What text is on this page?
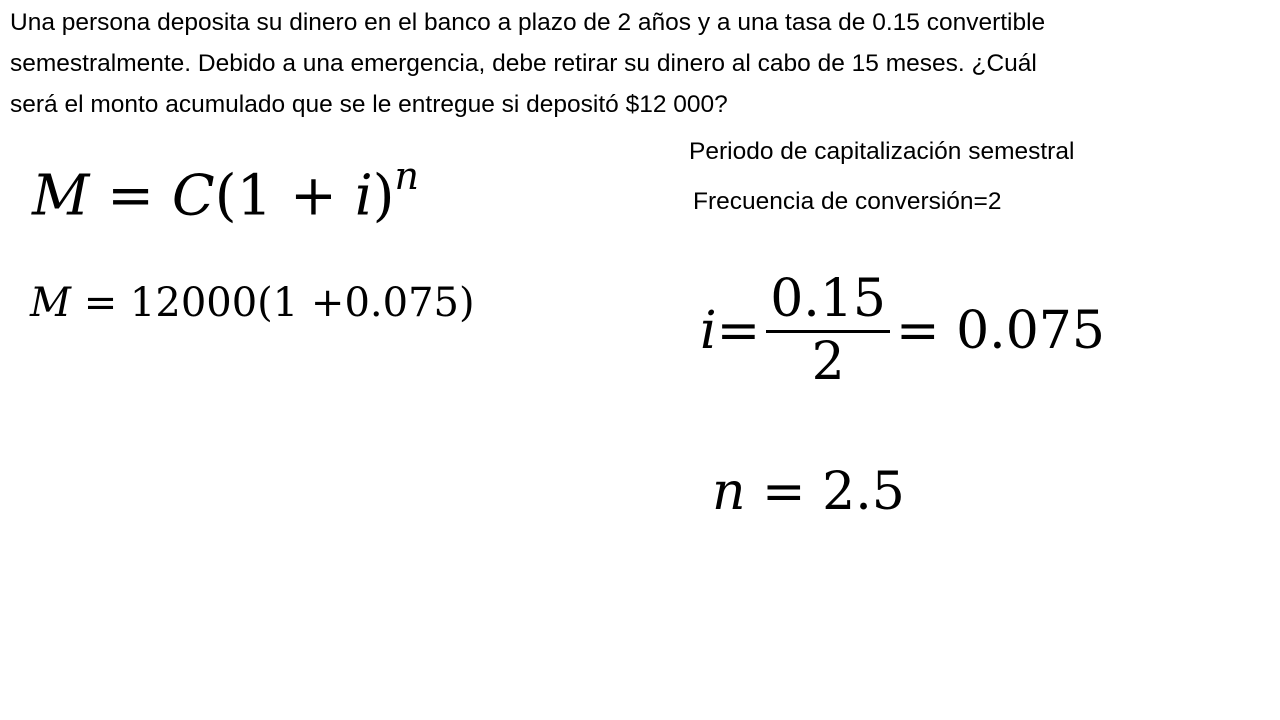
Una persona deposita su dinero en el banco a plazo de 2 años y a una tasa de 0.15 convertible
semestralmente. Debido a una emergencia, debe retirar su dinero al cabo de 15 meses. ¿Cuál
será el monto acumulado que se le entregue si depositó $12 000?
Periodo de capitalización semestral
Frecuencia de conversión=2
$M = C(1 + i)^n$
M = 12000(1 +0.075)	$i = \frac{0.15}{2} = 0.075$
n = 2.5
